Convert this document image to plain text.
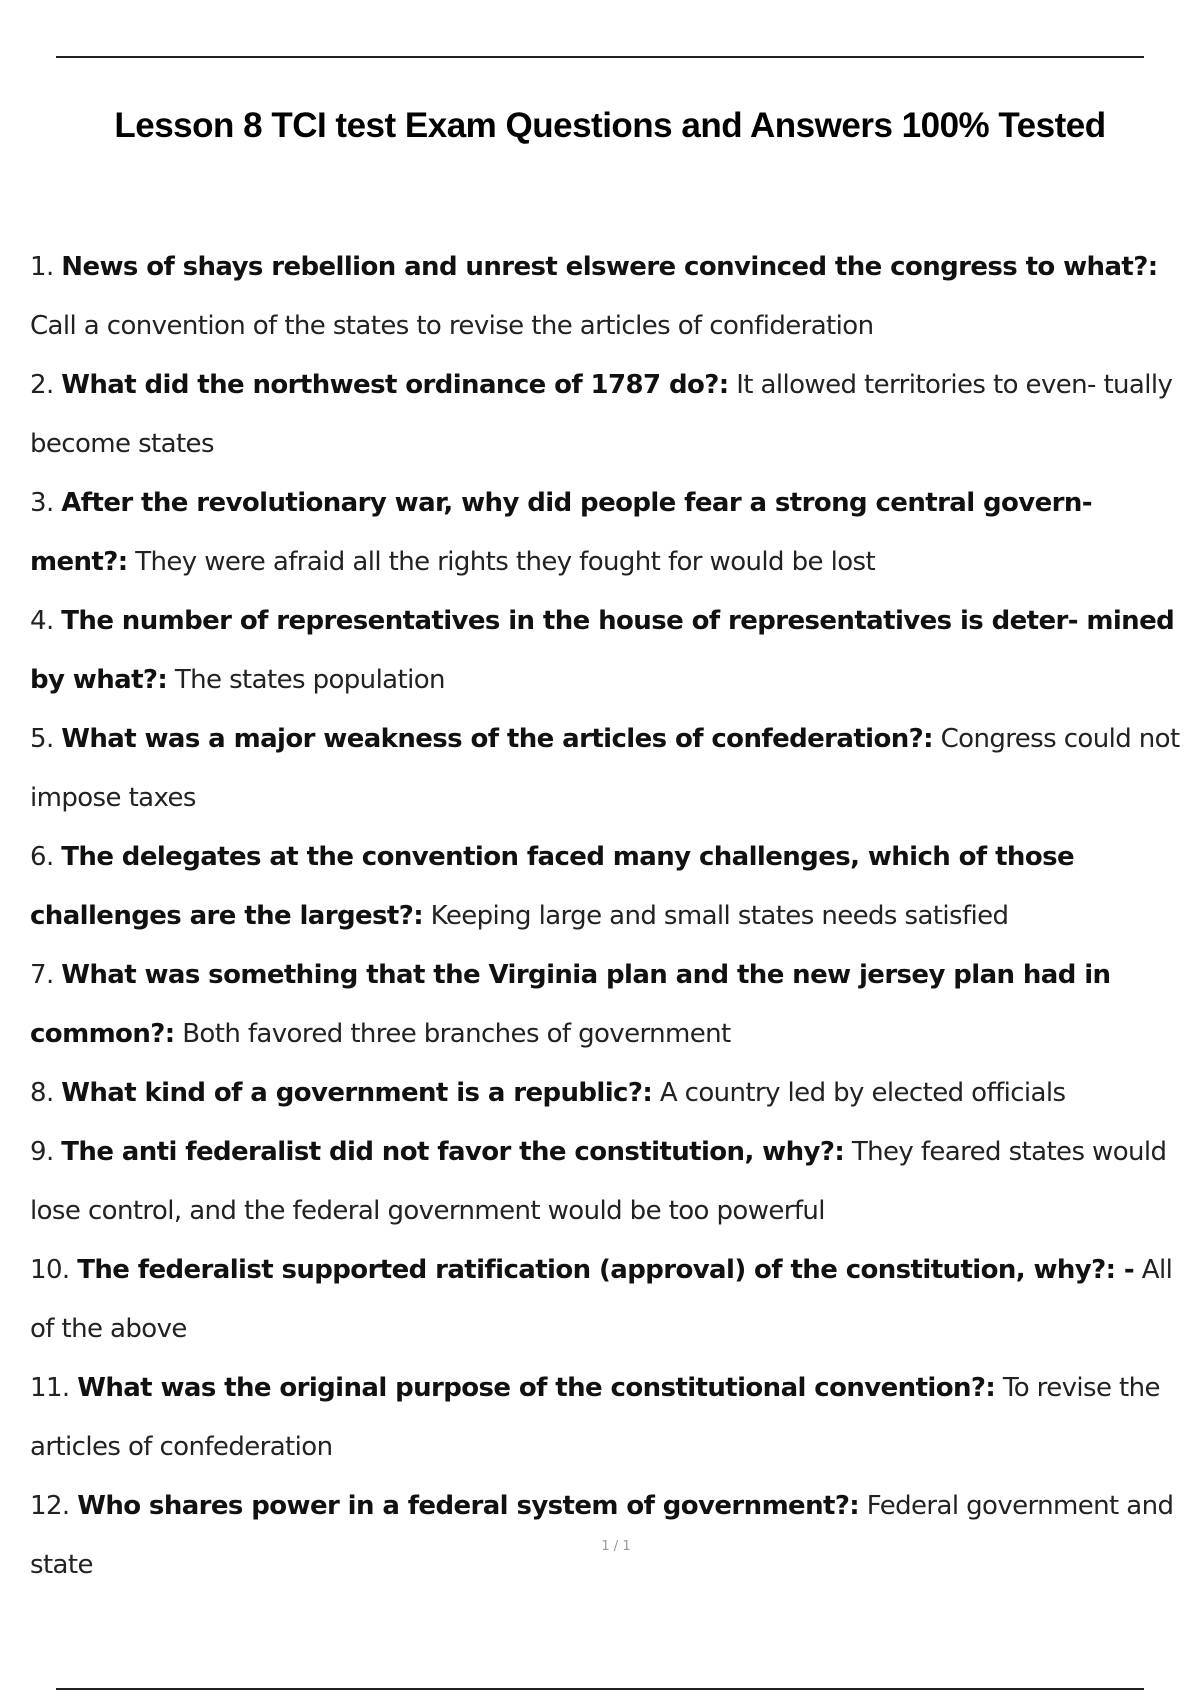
Lesson 8 TCI test Exam Questions and Answers 100% Tested
1. News of shays rebellion and unrest elswere convinced the congress to what?: Call a convention of the states to revise the articles of confideration
2. What did the northwest ordinance of 1787 do?: It allowed territories to even- tually become states
3. After the revolutionary war, why did people fear a strong central govern- ment?: They were afraid all the rights they fought for would be lost
4. The number of representatives in the house of representatives is deter- mined by what?: The states population
5. What was a major weakness of the articles of confederation?: Congress could not impose taxes
6. The delegates at the convention faced many challenges, which of those challenges are the largest?: Keeping large and small states needs satisfied
7. What was something that the Virginia plan and the new jersey plan had in common?: Both favored three branches of government
8. What kind of a government is a republic?: A country led by elected officials
9. The anti federalist did not favor the constitution, why?: They feared states would lose control, and the federal government would be too powerful
10. The federalist supported ratification (approval) of the constitution, why?: - All of the above
11. What was the original purpose of the constitutional convention?: To revise the articles of confederation
12. Who shares power in a federal system of government?: Federal government and state
1 / 1
